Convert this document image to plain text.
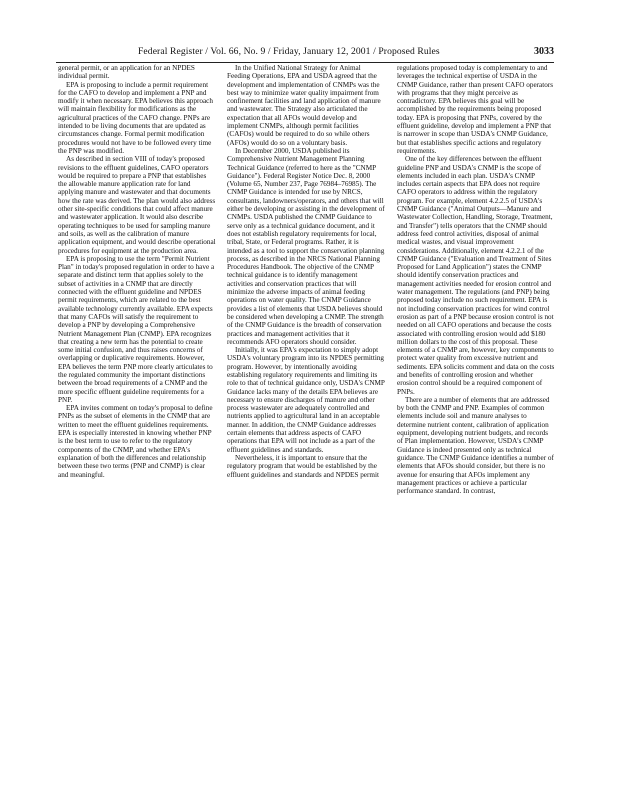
Federal Register / Vol. 66, No. 9 / Friday, January 12, 2001 / Proposed Rules	3033

general permit, or an application for an NPDES individual permit.

EPA is proposing to include a permit requirement for the CAFO to develop and implement a PNP and modify it when necessary. EPA believes this approach will maintain flexibility for modifications as the agricultural practices of the CAFO change. PNPs are intended to be living documents that are updated as circumstances change. Formal permit modification procedures would not have to be followed every time the PNP was modified.

As described in section VIII of today's proposed revisions to the effluent guidelines, CAFO operators would be required to prepare a PNP that establishes the allowable manure application rate for land applying manure and wastewater and that documents how the rate was derived. The plan would also address other site-specific conditions that could affect manure and wastewater application. It would also describe operating techniques to be used for sampling manure and soils, as well as the calibration of manure application equipment, and would describe operational procedures for equipment at the production area.

EPA is proposing to use the term "Permit Nutrient Plan" in today's proposed regulation in order to have a separate and distinct term that applies solely to the subset of activities in a CNMP that are directly connected with the effluent guideline and NPDES permit requirements, which are related to the best available technology currently available. EPA expects that many CAFOs will satisfy the requirement to develop a PNP by developing a Comprehensive Nutrient Management Plan (CNMP). EPA recognizes that creating a new term has the potential to create some initial confusion, and thus raises concerns of overlapping or duplicative requirements. However, EPA believes the term PNP more clearly articulates to the regulated community the important distinctions between the broad requirements of a CNMP and the more specific effluent guideline requirements for a PNP.

EPA invites comment on today's proposal to define PNPs as the subset of elements in the CNMP that are written to meet the effluent guidelines requirements. EPA is especially interested in knowing whether PNP is the best term to use to refer to the regulatory components of the CNMP, and whether EPA's explanation of both the differences and relationship between these two terms (PNP and CNMP) is clear and meaningful.

In the Unified National Strategy for Animal Feeding Operations, EPA and USDA agreed that the development and implementation of CNMPs was the best way to minimize water quality impairment from confinement facilities and land application of manure and wastewater. The Strategy also articulated the expectation that all AFOs would develop and implement CNMPs, although permit facilities (CAFOs) would be required to do so while others (AFOs) would do so on a voluntary basis.

In December 2000, USDA published its Comprehensive Nutrient Management Planning Technical Guidance (referred to here as the "CNMP Guidance"). Federal Register Notice Dec. 8, 2000 (Volume 65, Number 237, Page 76984–76985). The CNMP Guidance is intended for use by NRCS, consultants, landowners/operators, and others that will either be developing or assisting in the development of CNMPs. USDA published the CNMP Guidance to serve only as a technical guidance document, and it does not establish regulatory requirements for local, tribal, State, or Federal programs. Rather, it is intended as a tool to support the conservation planning process, as described in the NRCS National Planning Procedures Handbook. The objective of the CNMP technical guidance is to identify management activities and conservation practices that will minimize the adverse impacts of animal feeding operations on water quality. The CNMP Guidance provides a list of elements that USDA believes should be considered when developing a CNMP. The strength of the CNMP Guidance is the breadth of conservation practices and management activities that it recommends AFO operators should consider.

Initially, it was EPA's expectation to simply adopt USDA's voluntary program into its NPDES permitting program. However, by intentionally avoiding establishing regulatory requirements and limiting its role to that of technical guidance only, USDA's CNMP Guidance lacks many of the details EPA believes are necessary to ensure discharges of manure and other process wastewater are adequately controlled and nutrients applied to agricultural land in an acceptable manner. In addition, the CNMP Guidance addresses certain elements that address aspects of CAFO operations that EPA will not include as a part of the effluent guidelines and standards.

Nevertheless, it is important to ensure that the regulatory program that would be established by the effluent guidelines and standards and NPDES permit

regulations proposed today is complementary to and leverages the technical expertise of USDA in the CNMP Guidance, rather than present CAFO operators with programs that they might perceive as contradictory. EPA believes this goal will be accomplished by the requirements being proposed today. EPA is proposing that PNPs, covered by the effluent guideline, develop and implement a PNP that is narrower in scope than USDA's CNMP Guidance, but that establishes specific actions and regulatory requirements.

One of the key differences between the effluent guideline PNP and USDA's CNMP is the scope of elements included in each plan. USDA's CNMP includes certain aspects that EPA does not require CAFO operators to address within the regulatory program. For example, element 4.2.2.5 of USDA's CNMP Guidance ("Animal Outputs—Manure and Wastewater Collection, Handling, Storage, Treatment, and Transfer") tells operators that the CNMP should address feed control activities, disposal of animal medical wastes, and visual improvement considerations. Additionally, element 4.2.2.1 of the CNMP Guidance ("Evaluation and Treatment of Sites Proposed for Land Application") states the CNMP should identify conservation practices and management activities needed for erosion control and water management. The regulations (and PNP) being proposed today include no such requirement. EPA is not including conservation practices for wind control erosion as part of a PNP because erosion control is not needed on all CAFO operations and because the costs associated with controlling erosion would add $180 million dollars to the cost of this proposal. These elements of a CNMP are, however, key components to protect water quality from excessive nutrient and sediments. EPA solicits comment and data on the costs and benefits of controlling erosion and whether erosion control should be a required component of PNPs.

There are a number of elements that are addressed by both the CNMP and PNP. Examples of common elements include soil and manure analyses to determine nutrient content, calibration of application equipment, developing nutrient budgets, and records of Plan implementation. However, USDA's CNMP Guidance is indeed presented only as technical guidance. The CNMP Guidance identifies a number of elements that AFOs should consider, but there is no avenue for ensuring that AFOs implement any management practices or achieve a particular performance standard. In contrast,
